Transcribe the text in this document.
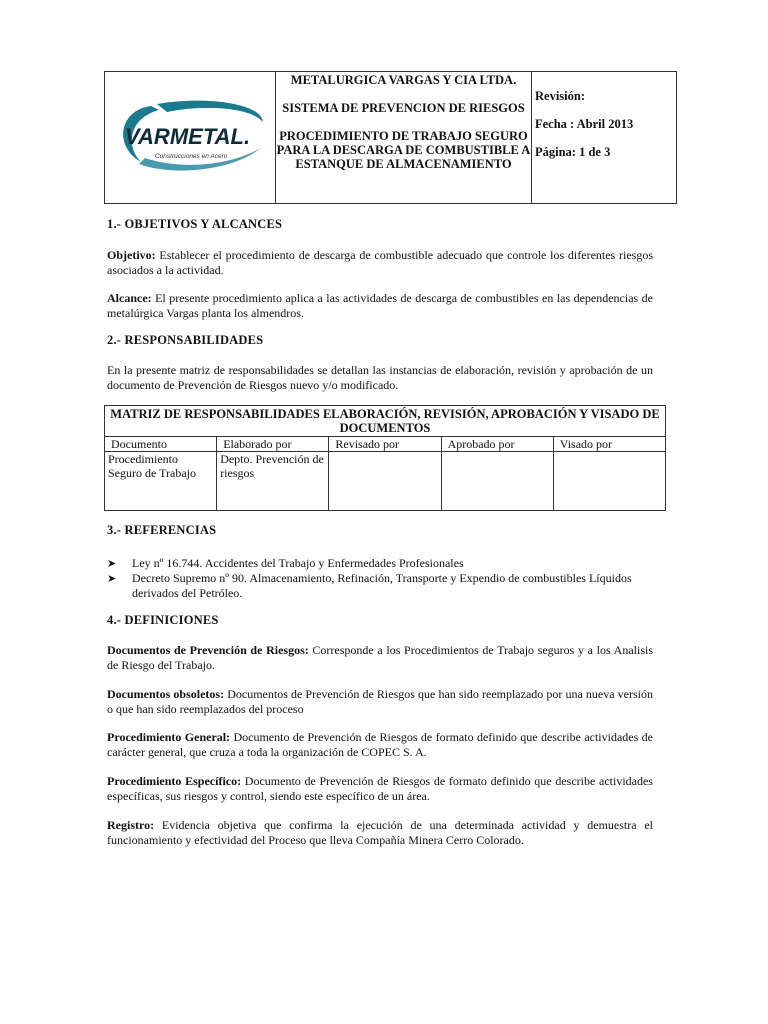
VARMETAL.
Construcciones en Acero

METALURGICA VARGAS Y CIA LTDA.

SISTEMA DE PREVENCION DE RIESGOS

PROCEDIMIENTO DE TRABAJO SEGURO PARA LA DESCARGA DE COMBUSTIBLE A ESTANQUE DE ALMACENAMIENTO

Revisión:

Fecha : Abril 2013

Página: 1 de 3

1.- OBJETIVOS Y ALCANCES
Objetivo: Establecer el procedimiento de descarga de combustible adecuado que controle los diferentes riesgos asociados a la actividad.
Alcance: El presente procedimiento aplica a las actividades de descarga de combustibles en las dependencias de metalúrgica Vargas planta los almendros.
2.- RESPONSABILIDADES
En la presente matriz de responsabilidades se detallan las instancias de elaboración, revisión y aprobación de un documento de Prevención de Riesgos nuevo y/o modificado.
MATRIZ DE RESPONSABILIDADES ELABORACIÓN, REVISIÓN, APROBACIÓN Y VISADO DE DOCUMENTOS				
Documento	Elaborado por	Revisado por	Aprobado por	Visado por
Procedimiento Seguro de Trabajo	Depto. Prevención de riesgos			
3.- REFERENCIAS
➤ Ley nº 16.744. Accidentes del Trabajo y Enfermedades Profesionales
➤ Decreto Supremo nº 90. Almacenamiento, Refinación, Transporte y Expendio de combustibles Líquidos derivados del Petróleo.
4.- DEFINICIONES
Documentos de Prevención de Riesgos: Corresponde a los Procedimientos de Trabajo seguros y a los Analisis de Riesgo del Trabajo.
Documentos obsoletos: Documentos de Prevención de Riesgos que han sido reemplazado por una nueva versión o que han sido reemplazados del proceso
Procedimiento General: Documento de Prevención de Riesgos de formato definido que describe actividades de carácter general, que cruza a toda la organización de COPEC S. A.
Procedimiento Específico: Documento de Prevención de Riesgos de formato definido que describe actividades específicas, sus riesgos y control, siendo este específico de un área.
Registro: Evidencia objetiva que confirma la ejecución de una determinada actividad y demuestra el funcionamiento y efectividad del Proceso que lleva Compañía Minera Cerro Colorado.
